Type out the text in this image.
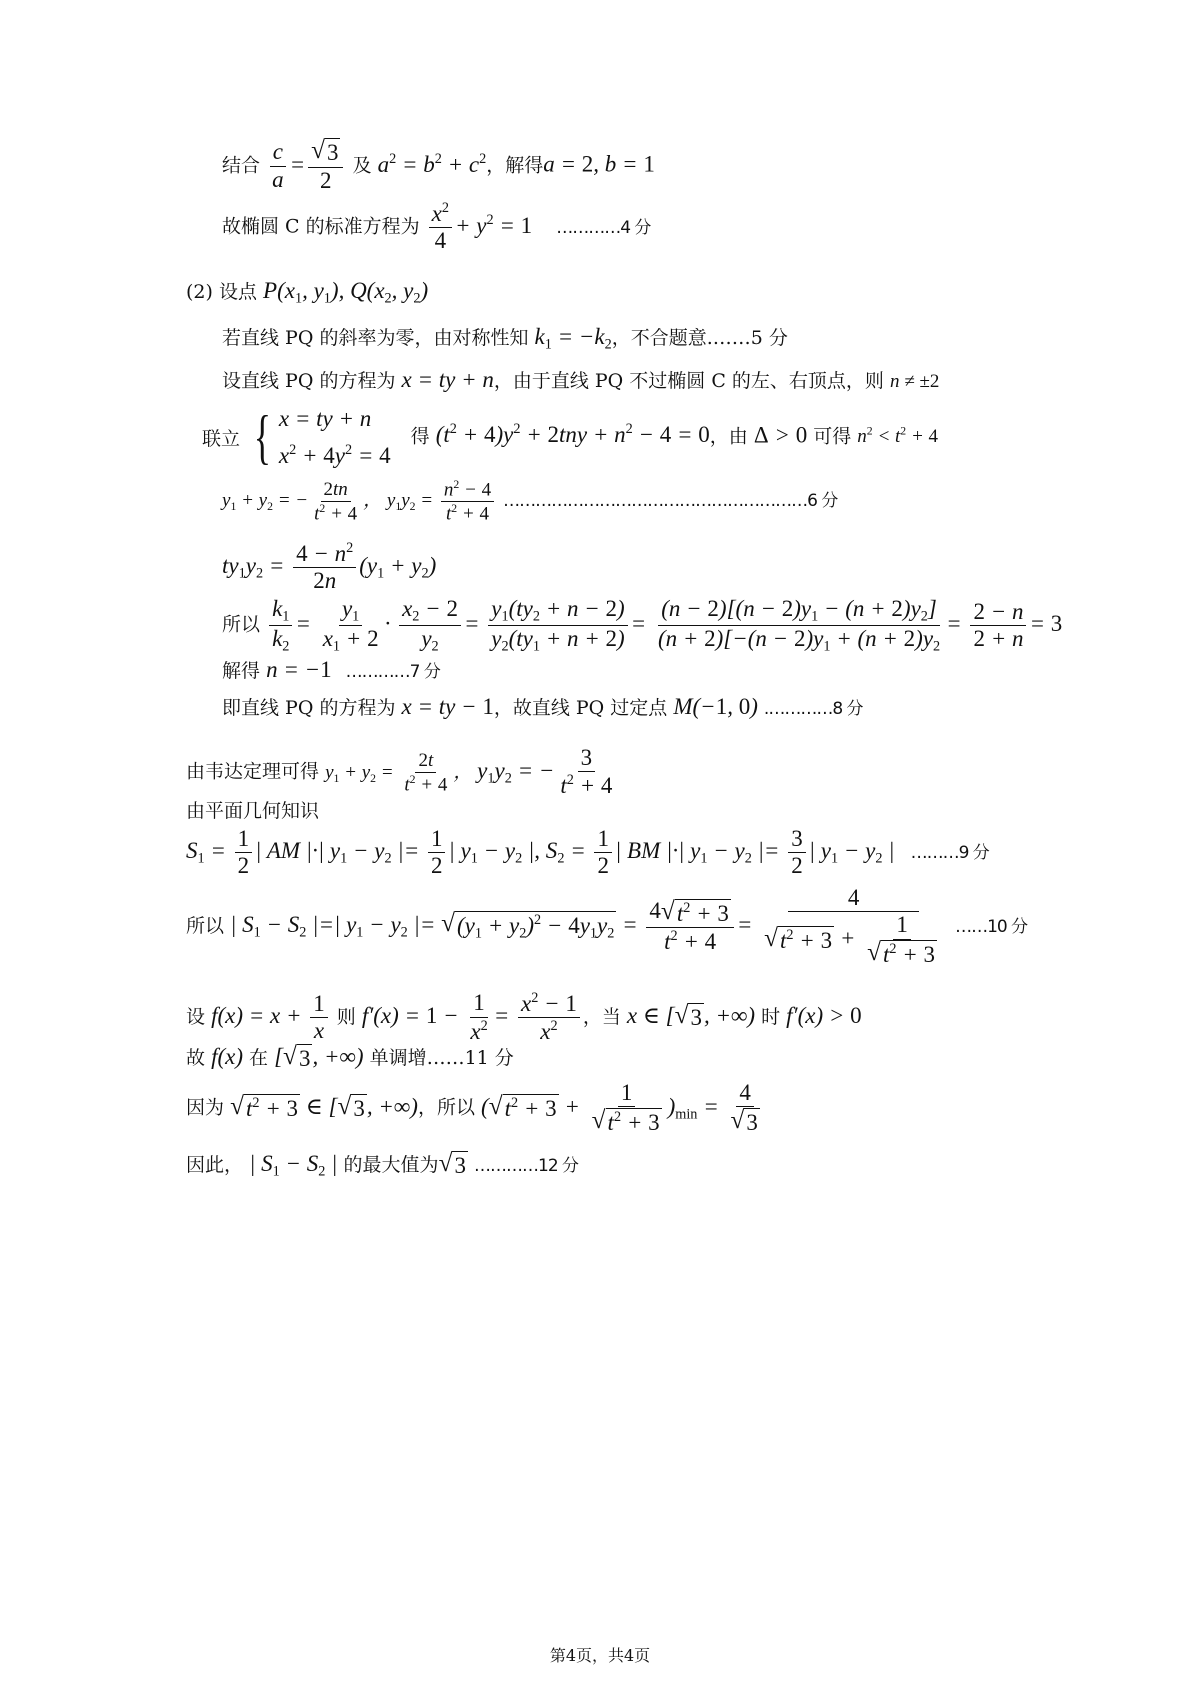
结合 $\frac{c}{a} = \frac{√ 3}{2}$ 及 $a^2 = b^2 + c^2$，解得a = 2, b = 1
故椭圆 C 的标准方程为 $\frac{x^2}{4} + y^2 = 1$ …………4 分
(2) 设点 $P(x_1$, $y_1$), $Q(x_2$, $y_2$)
若直线 PQ 的斜率为零，由对称性知 $k_1 = -k_2$，不合题意.……5 分
设直线 PQ 的方程为 x = ty + n，由于直线 PQ 不过椭圆 C 的左、右顶点，则 n ≠ ±2
联立 { x = ty + n
$x^2 + 4y^2 = 4$
得 $(t^2 + 4)y^2 + 2tny + n^2 - 4 = 0$，由 Δ > 0 可得 $n^2 < t^2 + 4$
$y_1 + y_2$ = − $\frac{2tn}{t^2 + 4}$ ， $y_1y_2 = \frac{n^2 - 4}{t^2 + 4}$ …………………………………………………6 分
$ty_1y_2 = \frac{4 - n^2}{2n} (y_1 + y_2)$
所以 $\frac{k_1}{k_2} = \frac{y_1}{x_1 + 2} \cdot \frac{x_2 - 2}{y_2} = \frac{y_1(ty_2 + n - 2)}{y_2(ty_1 + n + 2)} = \frac{(n - 2)[(n - 2)y_1 - (n + 2)y_2]}{(n + 2)[-(n - 2)y_1 + (n + 2)y_2} = \frac{2 - n}{2 + n} = 3$
解得 n = −1 …………7 分
即直线 PQ 的方程为 x = ty − 1，故直线 PQ 过定点 M(−1, 0) .…………8 分
由韦达定理可得 $y_1 + y_2 = \frac{2t}{t^2 + 4}$ ， $y_1y_2$ = − $\frac{3}{t^2 + 4}$
由平面几何知识
$S_1 = \frac{1}{2}$ | AM |·| $y_1 - y_2$ |= $\frac{1}{2}$ | $y_1 - y_2$ |, $S_2 = \frac{1}{2}$ | BM |·| $y_1 - y_2$ |= $\frac{3}{2}$ | $y_1 - y_2$ | ………9 分
所以 | $S_1 - S_2$ |=| $y_1 - y_2$ |= √ $(y_1 + y_2)^2 - 4y_1y_2 = \frac{4 √ t^2 + 3}{t^2 + 4} = \frac{4}{√ t^2 + 3 + \frac{1}{√ t^2 + 3}}$ ……10 分
设 $f(x) = x + \frac{1}{x}$ 则 $f'(x) = 1 - \frac{1}{x^2} = \frac{x^2 - 1}{x^2}$ ，当 x ∈ [ √ 3 , +∞) 时 f′(x) > 0
故 f(x) 在 [ √ 3 , +∞) 单调增……11 分
因为 √ $t^2 + 3$ ∈ [ √ 3 , +∞)，所以 ( √ $t^2 + 3 + \frac{1}{√ t^2 + 3} )_{min} = \frac{4}{√ 3}$
因此， | $S_1 - S_2$ | 的最大值为 √ 3 …………12 分
第4页，共4页
